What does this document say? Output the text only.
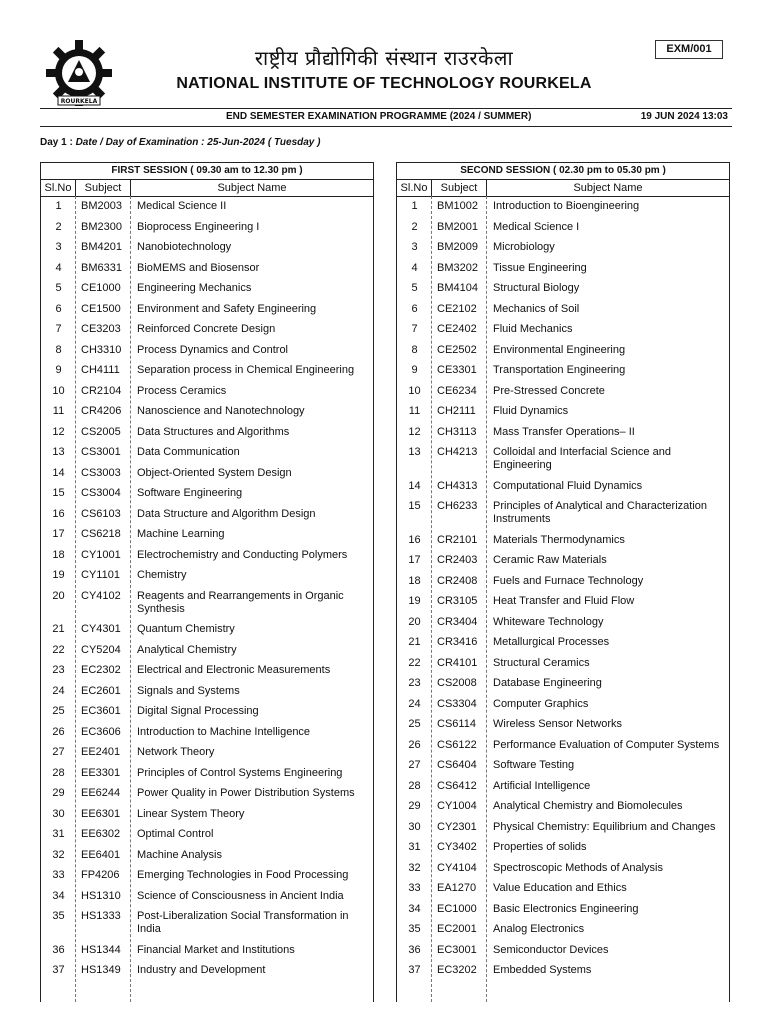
ROURKELA
EXM/001
राष्ट्रीय प्रौद्योगिकी संस्थान राउरकेला
NATIONAL INSTITUTE OF TECHNOLOGY ROURKELA
END SEMESTER EXAMINATION PROGRAMME (2024 / SUMMER)	19 JUN 2024 13:03
Day 1 : Date / Day of Examination : 25-Jun-2024 ( Tuesday )
FIRST SESSION ( 09.30 am to 12.30 pm )
Sl.No	Subject	Subject Name
1	BM2003	Medical Science II
2	BM2300	Bioprocess Engineering I
3	BM4201	Nanobiotechnology
4	BM6331	BioMEMS and Biosensor
5	CE1000	Engineering Mechanics
6	CE1500	Environment and Safety Engineering
7	CE3203	Reinforced Concrete Design
8	CH3310	Process Dynamics and Control
9	CH4111	Separation process in Chemical Engineering
10	CR2104	Process Ceramics
11	CR4206	Nanoscience and Nanotechnology
12	CS2005	Data Structures and Algorithms
13	CS3001	Data Communication
14	CS3003	Object-Oriented System Design
15	CS3004	Software Engineering
16	CS6103	Data Structure and Algorithm Design
17	CS6218	Machine Learning
18	CY1001	Electrochemistry and Conducting Polymers
19	CY1101	Chemistry
20	CY4102	Reagents and Rearrangements in Organic Synthesis
21	CY4301	Quantum Chemistry
22	CY5204	Analytical Chemistry
23	EC2302	Electrical and Electronic Measurements
24	EC2601	Signals and Systems
25	EC3601	Digital Signal Processing
26	EC3606	Introduction to Machine Intelligence
27	EE2401	Network Theory
28	EE3301	Principles of Control Systems Engineering
29	EE6244	Power Quality in Power Distribution Systems
30	EE6301	Linear System Theory
31	EE6302	Optimal Control
32	EE6401	Machine Analysis
33	FP4206	Emerging Technologies in Food Processing
34	HS1310	Science of Consciousness in Ancient India
35	HS1333	Post-Liberalization Social Transformation in India
36	HS1344	Financial Market and Institutions
37	HS1349	Industry and Development
SECOND SESSION ( 02.30 pm to 05.30 pm )
Sl.No	Subject	Subject Name
1	BM1002	Introduction to Bioengineering
2	BM2001	Medical Science I
3	BM2009	Microbiology
4	BM3202	Tissue Engineering
5	BM4104	Structural Biology
6	CE2102	Mechanics of Soil
7	CE2402	Fluid Mechanics
8	CE2502	Environmental Engineering
9	CE3301	Transportation Engineering
10	CE6234	Pre-Stressed Concrete
11	CH2111	Fluid Dynamics
12	CH3113	Mass Transfer Operations– II
13	CH4213	Colloidal and Interfacial Science and Engineering
14	CH4313	Computational Fluid Dynamics
15	CH6233	Principles of Analytical and Characterization Instruments
16	CR2101	Materials Thermodynamics
17	CR2403	Ceramic Raw Materials
18	CR2408	Fuels and Furnace Technology
19	CR3105	Heat Transfer and Fluid Flow
20	CR3404	Whiteware Technology
21	CR3416	Metallurgical Processes
22	CR4101	Structural Ceramics
23	CS2008	Database Engineering
24	CS3304	Computer Graphics
25	CS6114	Wireless Sensor Networks
26	CS6122	Performance Evaluation of Computer Systems
27	CS6404	Software Testing
28	CS6412	Artificial Intelligence
29	CY1004	Analytical Chemistry and Biomolecules
30	CY2301	Physical Chemistry: Equilibrium and Changes
31	CY3402	Properties of solids
32	CY4104	Spectroscopic Methods of Analysis
33	EA1270	Value Education and Ethics
34	EC1000	Basic Electronics Engineering
35	EC2001	Analog Electronics
36	EC3001	Semiconductor Devices
37	EC3202	Embedded Systems
